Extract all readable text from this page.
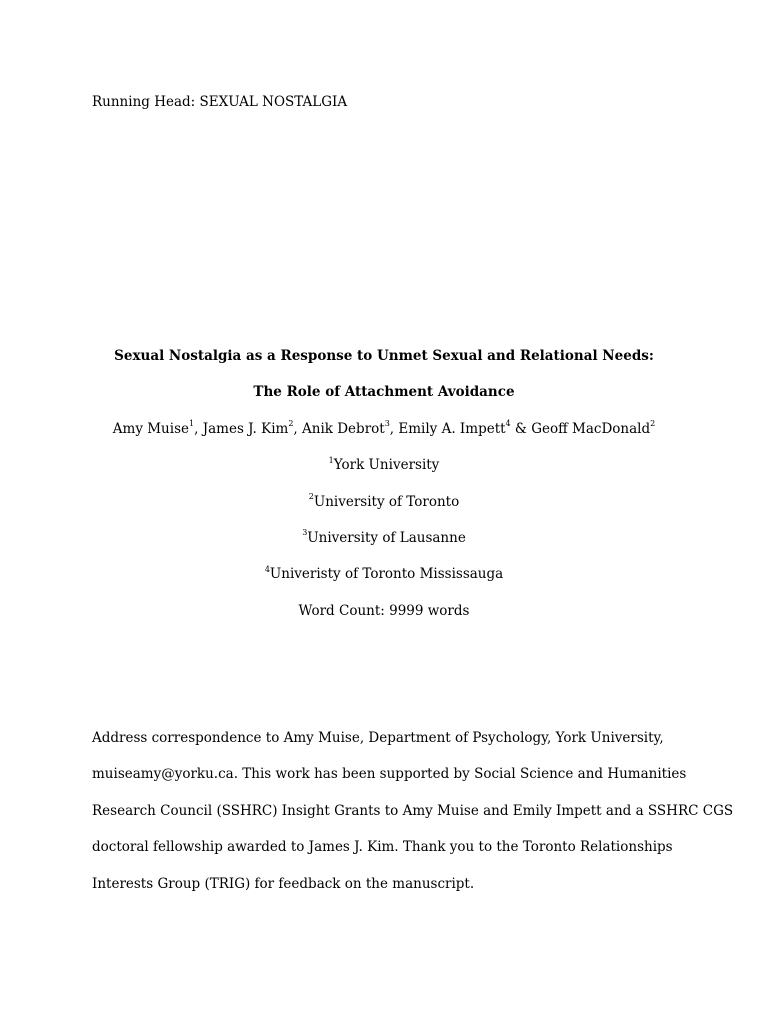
Running Head: SEXUAL NOSTALGIA
Sexual Nostalgia as a Response to Unmet Sexual and Relational Needs:
The Role of Attachment Avoidance
Amy Muise$^1$, James J. Kim$^2$, Anik Debrot$^3$, Emily A. Impett$^4$ & Geoff MacDonald$^2$
$^1$York University
$^2$University of Toronto
$^3$University of Lausanne
$^4$Univeristy of Toronto Mississauga
Word Count: 9999 words
Address correspondence to Amy Muise, Department of Psychology, York University,
muiseamy@yorku.ca. This work has been supported by Social Science and Humanities
Research Council (SSHRC) Insight Grants to Amy Muise and Emily Impett and a SSHRC CGS
doctoral fellowship awarded to James J. Kim. Thank you to the Toronto Relationships
Interests Group (TRIG) for feedback on the manuscript.
